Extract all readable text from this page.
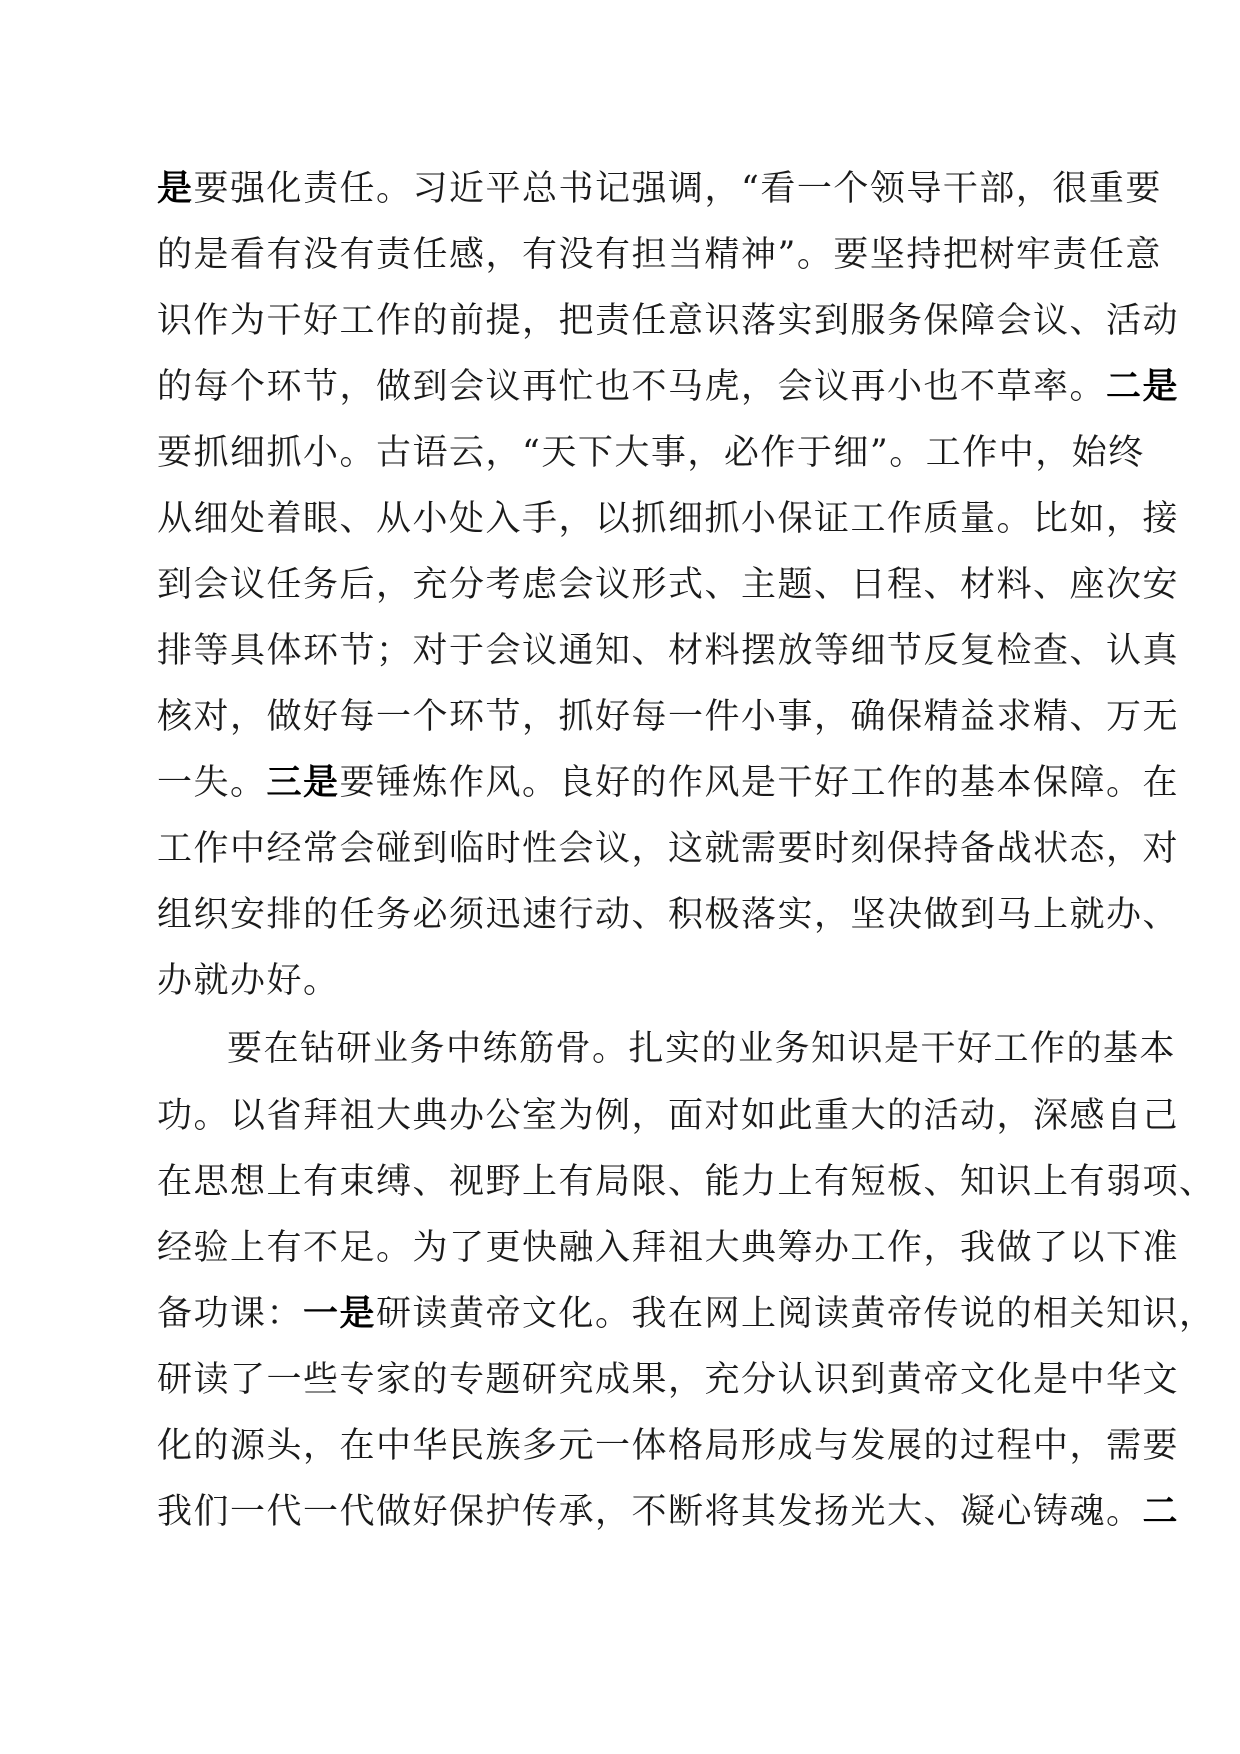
是要强化责任。习近平总书记强调，“看一个领导干部，很重要
的是看有没有责任感，有没有担当精神”。要坚持把树牢责任意
识作为干好工作的前提，把责任意识落实到服务保障会议、活动
的每个环节，做到会议再忙也不马虎，会议再小也不草率。二是
要抓细抓小。古语云，“天下大事，必作于细”。工作中，始终
从细处着眼、从小处入手，以抓细抓小保证工作质量。比如，接
到会议任务后，充分考虑会议形式、主题、日程、材料、座次安
排等具体环节；对于会议通知、材料摆放等细节反复检查、认真
核对，做好每一个环节，抓好每一件小事，确保精益求精、万无
一失。三是要锤炼作风。良好的作风是干好工作的基本保障。在
工作中经常会碰到临时性会议，这就需要时刻保持备战状态，对
组织安排的任务必须迅速行动、积极落实，坚决做到马上就办、
办就办好。
要在钻研业务中练筋骨。扎实的业务知识是干好工作的基本
功。以省拜祖大典办公室为例，面对如此重大的活动，深感自己
在思想上有束缚、视野上有局限、能力上有短板、知识上有弱项、
经验上有不足。为了更快融入拜祖大典筹办工作，我做了以下准
备功课：一是研读黄帝文化。我在网上阅读黄帝传说的相关知识，
研读了一些专家的专题研究成果，充分认识到黄帝文化是中华文
化的源头，在中华民族多元一体格局形成与发展的过程中，需要
我们一代一代做好保护传承，不断将其发扬光大、凝心铸魂。二
